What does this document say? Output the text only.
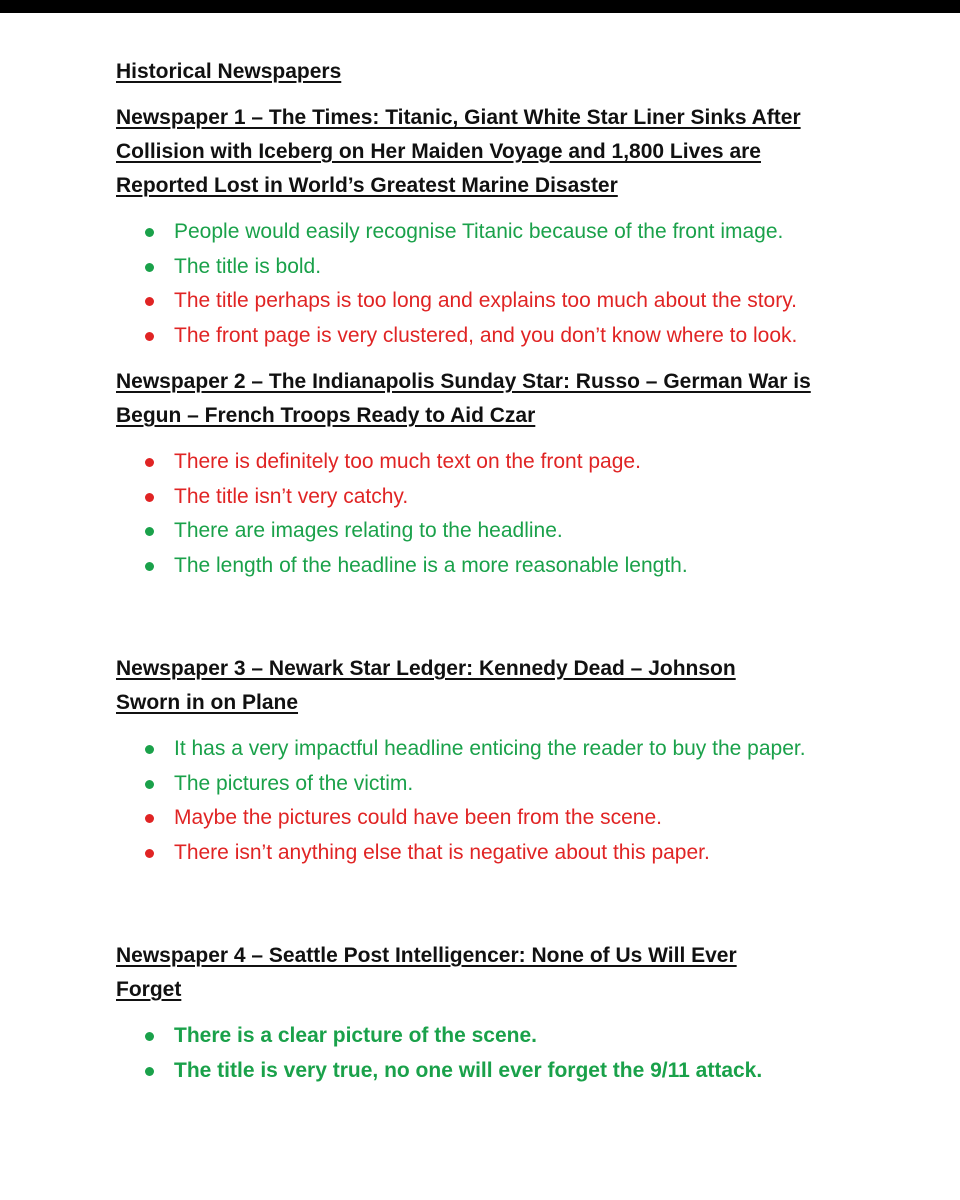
Historical Newspapers

Newspaper 1 – The Times: Titanic, Giant White Star Liner Sinks After Collision with Iceberg on Her Maiden Voyage and 1,800 Lives are Reported Lost in World’s Greatest Marine Disaster

People would easily recognise Titanic because of the front image.
The title is bold.
The title perhaps is too long and explains too much about the story.
The front page is very clustered, and you don’t know where to look.

Newspaper 2 – The Indianapolis Sunday Star: Russo – German War is Begun – French Troops Ready to Aid Czar

There is definitely too much text on the front page.
The title isn’t very catchy.
There are images relating to the headline.
The length of the headline is a more reasonable length.

Newspaper 3 – Newark Star Ledger: Kennedy Dead – Johnson Sworn in on Plane

It has a very impactful headline enticing the reader to buy the paper.
The pictures of the victim.
Maybe the pictures could have been from the scene.
There isn’t anything else that is negative about this paper.

Newspaper 4 – Seattle Post Intelligencer: None of Us Will Ever Forget

There is a clear picture of the scene.
The title is very true, no one will ever forget the 9/11 attack.
